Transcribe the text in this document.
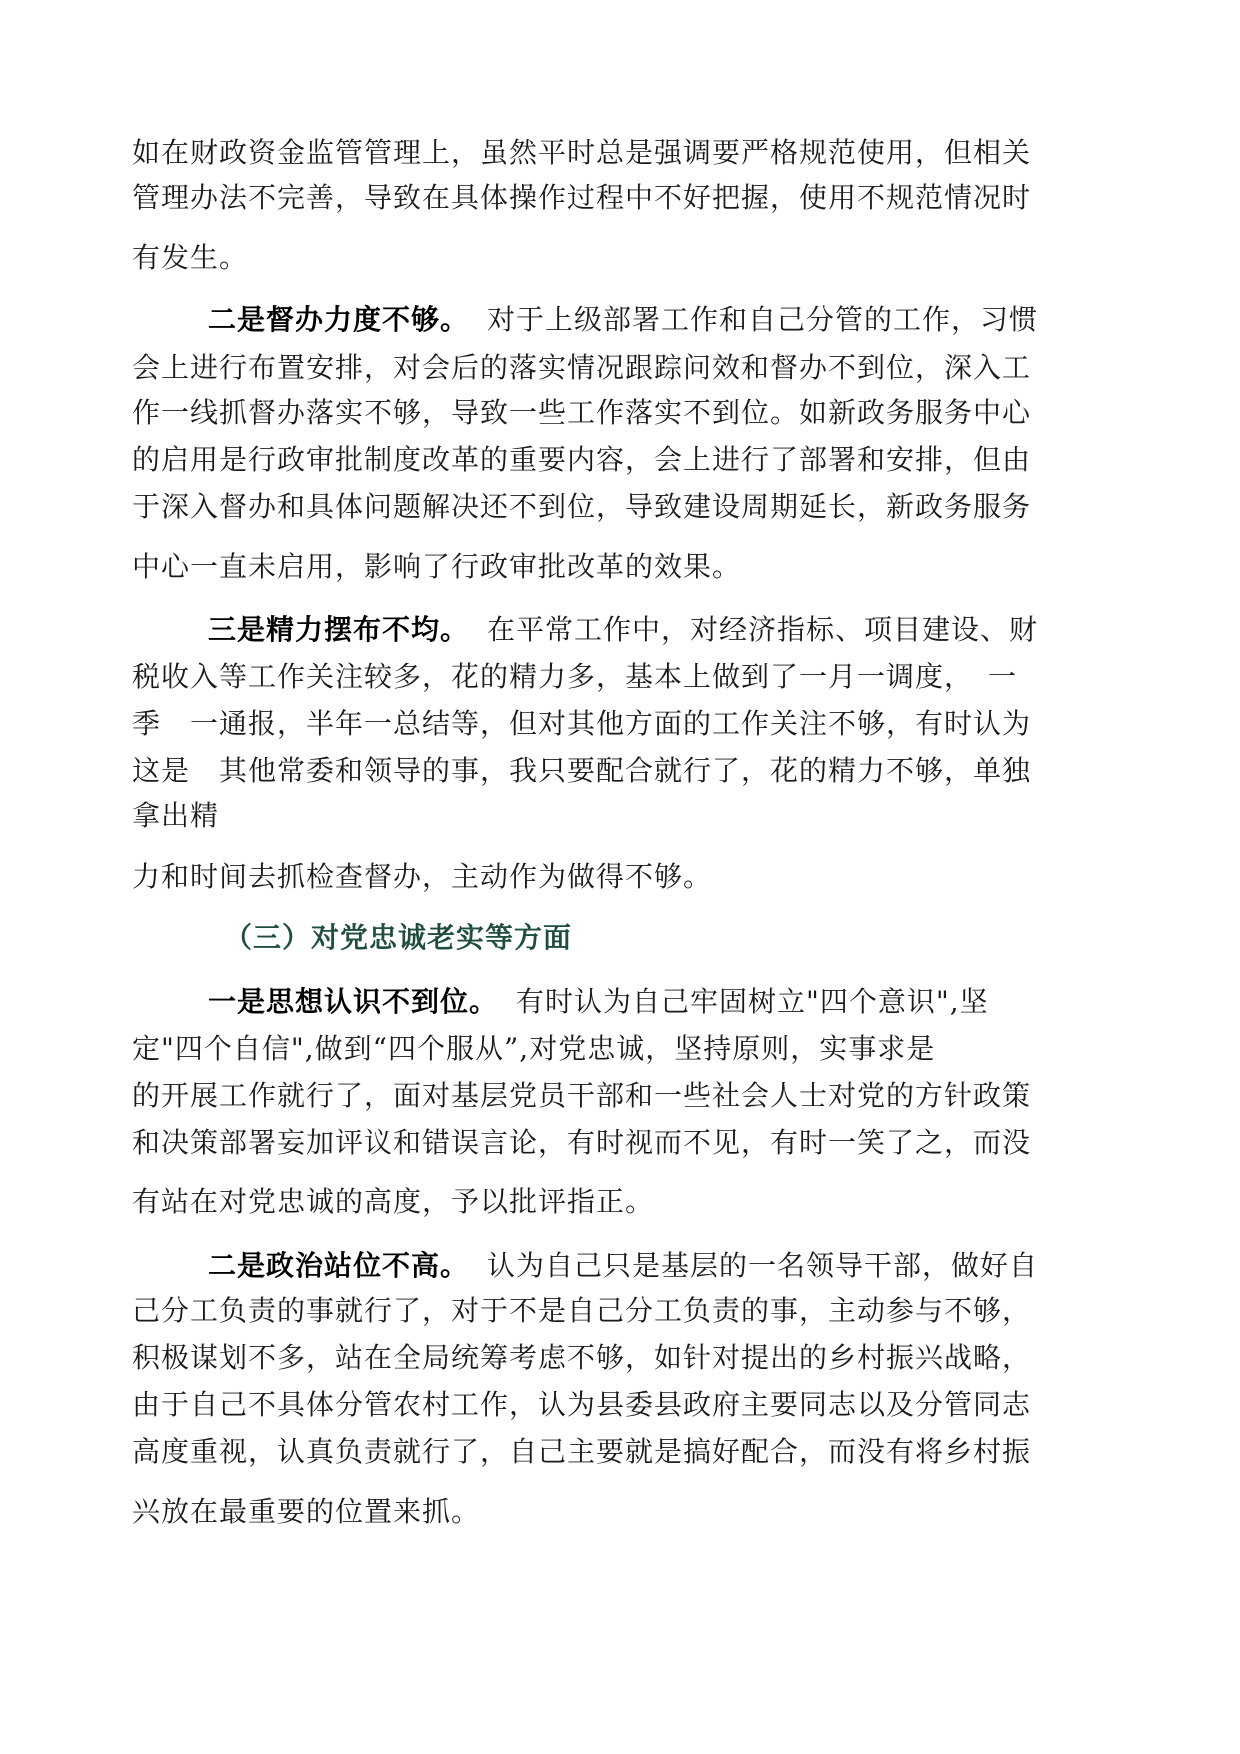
如在财政资金监管管理上，虽然平时总是强调要严格规范使用，但相关
管理办法不完善，导致在具体操作过程中不好把握，使用不规范情况时
有发生。
二是督办力度不够。 对于上级部署工作和自己分管的工作，习惯
会上进行布置安排，对会后的落实情况跟踪问效和督办不到位，深入工
作一线抓督办落实不够，导致一些工作落实不到位。如新政务服务中心
的启用是行政审批制度改革的重要内容，会上进行了部署和安排，但由
于深入督办和具体问题解决还不到位，导致建设周期延长，新政务服务
中心一直未启用，影响了行政审批改革的效果。
三是精力摆布不均。 在平常工作中，对经济指标、项目建设、财
税收入等工作关注较多，花的精力多，基本上做到了一月一调度，　一
季　一通报，半年一总结等，但对其他方面的工作关注不够，有时认为
这是　其他常委和领导的事，我只要配合就行了，花的精力不够，单独
拿出精
力和时间去抓检查督办，主动作为做得不够。
（三）对党忠诚老实等方面
一是思想认识不到位。 有时认为自己牢固树立"四个意识",坚
定"四个自信",做到“四个服从”,对党忠诚，坚持原则，实事求是
的开展工作就行了，面对基层党员干部和一些社会人士对党的方针政策
和决策部署妄加评议和错误言论，有时视而不见，有时一笑了之，而没
有站在对党忠诚的高度，予以批评指正。
二是政治站位不高。 认为自己只是基层的一名领导干部，做好自
己分工负责的事就行了，对于不是自己分工负责的事，主动参与不够，
积极谋划不多，站在全局统筹考虑不够，如针对提出的乡村振兴战略，
由于自己不具体分管农村工作，认为县委县政府主要同志以及分管同志
高度重视，认真负责就行了，自己主要就是搞好配合，而没有将乡村振
兴放在最重要的位置来抓。
